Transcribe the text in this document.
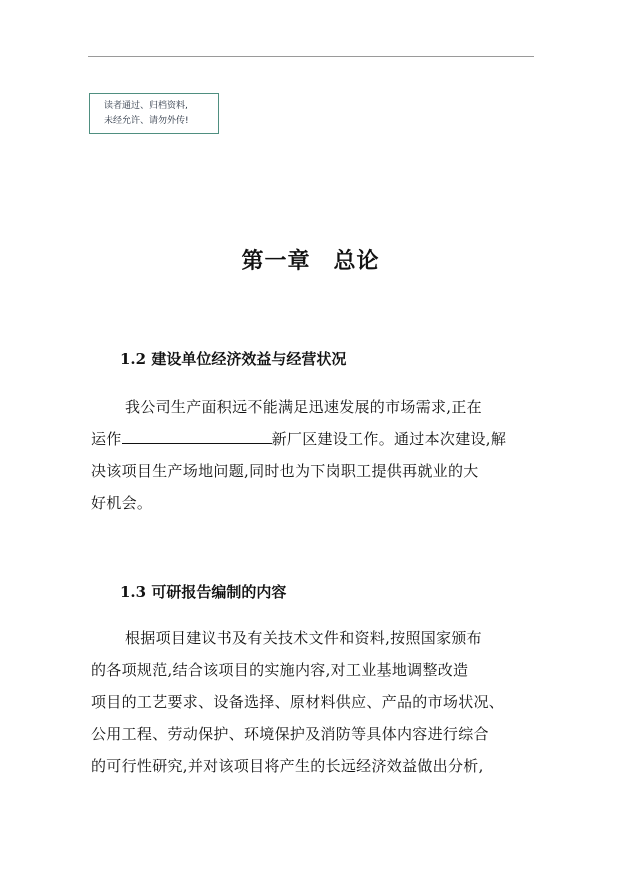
读者通过、归档资料,
未经允许、请勿外传!
第一章　总论
1.2 建设单位经济效益与经营状况
我公司生产面积远不能满足迅速发展的市场需求,正在
运作	新厂区建设工作。通过本次建设,解
决该项目生产场地问题,同时也为下岗职工提供再就业的大
好机会。
1.3 可研报告编制的内容
根据项目建议书及有关技术文件和资料,按照国家颁布
的各项规范,结合该项目的实施内容,对工业基地调整改造
项目的工艺要求、设备选择、原材料供应、产品的市场状况、
公用工程、劳动保护、环境保护及消防等具体内容进行综合
的可行性研究,并对该项目将产生的长远经济效益做出分析,
